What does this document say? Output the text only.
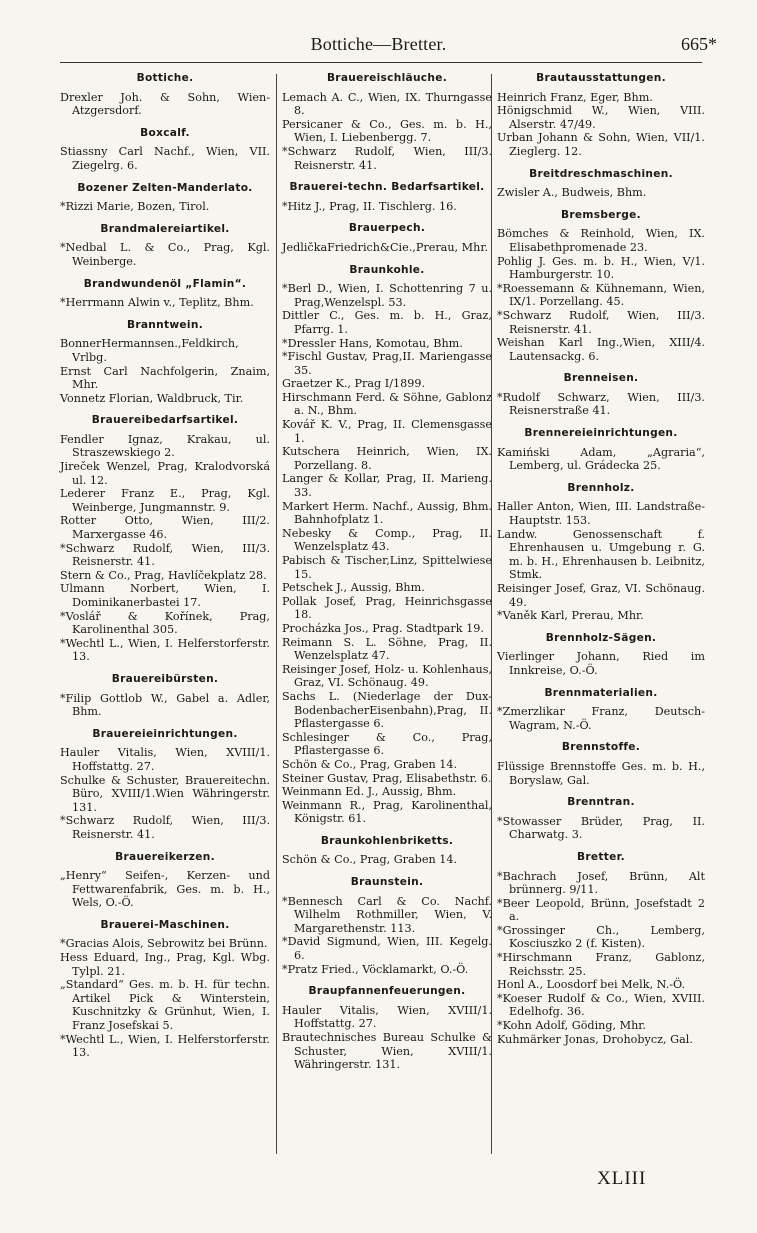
Bottiche—Bretter.	665*
Bottiche.
Drexler Joh. & Sohn, Wien-Atzgersdorf.
Boxcalf.
Stiassny Carl Nachf., Wien, VII. Ziegelrg. 6.
Bozener Zelten-Manderlato.
*Rizzi Marie, Bozen, Tirol.
Brandmalereiartikel.
*Nedbal L. & Co., Prag, Kgl. Weinberge.
Brandwundenöl „Flamin“.
*Herrmann Alwin v., Teplitz, Bhm.
Branntwein.
BonnerHermannsen.,Feldkirch, Vrlbg.
Ernst Carl Nachfolgerin, Znaim, Mhr.
Vonnetz Florian, Waldbruck, Tir.
Brauereibedarfsartikel.
Fendler Ignaz, Krakau, ul. Straszewskiego 2.
Jireček Wenzel, Prag, Kralodvorská ul. 12.
Lederer Franz E., Prag, Kgl. Weinberge, Jungmannstr. 9.
Rotter Otto, Wien, III/2. Marxergasse 46.
*Schwarz Rudolf, Wien, III/3. Reisnerstr. 41.
Stern & Co., Prag, Havlíčekplatz 28.
Ulmann Norbert, Wien, I. Dominikanerbastei 17.
*Voslář & Kořínek, Prag, Karolinenthal 305.
*Wechtl L., Wien, I. Helferstorferstr. 13.
Brauereibürsten.
*Filip Gottlob W., Gabel a. Adler, Bhm.
Brauereieinrichtungen.
Hauler Vitalis, Wien, XVIII/1. Hoffstattg. 27.
Schulke & Schuster, Brauereitechn. Büro, XVIII/1.Wien Währingerstr. 131.
*Schwarz Rudolf, Wien, III/3. Reisnerstr. 41.
Brauereikerzen.
„Henry“ Seifen-, Kerzen- und Fettwarenfabrik, Ges. m. b. H., Wels, O.-Ö.
Brauerei-Maschinen.
*Gracias Alois, Sebrowitz bei Brünn.
Hess Eduard, Ing., Prag, Kgl. Wbg. Tylpl. 21.
„Standard“ Ges. m. b. H. für techn. Artikel Pick & Winterstein, Kuschnitzky & Grünhut, Wien, I. Franz Josefskai 5.
*Wechtl L., Wien, I. Helferstorferstr. 13.
Brauereischläuche.
Lemach A. C., Wien, IX. Thurngasse 8.
Persicaner & Co., Ges. m. b. H., Wien, I. Liebenbergg. 7.
*Schwarz Rudolf, Wien, III/3. Reisnerstr. 41.
Brauerei-techn. Bedarfsartikel.
*Hitz J., Prag, II. Tischlerg. 16.
Brauerpech.
JedličkaFriedrich&Cie.,Prerau, Mhr.
Braunkohle.
*Berl D., Wien, I. Schottenring 7 u. Prag,Wenzelspl. 53.
Dittler C., Ges. m. b. H., Graz, Pfarrg. 1.
*Dressler Hans, Komotau, Bhm.
*Fischl Gustav, Prag,II. Mariengasse 35.
Graetzer K., Prag I/1899.
Hirschmann Ferd. & Söhne, Gablonz a. N., Bhm.
Kovář K. V., Prag, II. Clemensgasse 1.
Kutschera Heinrich, Wien, IX. Porzellang. 8.
Langer & Kollar, Prag, II. Marieng. 33.
Markert Herm. Nachf., Aussig, Bhm. Bahnhofplatz 1.
Nebesky & Comp., Prag, II. Wenzelsplatz 43.
Pabisch & Tischer,Linz, Spittelwiese 15.
Petschek J., Aussig, Bhm.
Pollak Josef, Prag, Heinrichsgasse 18.
Procházka Jos., Prag. Stadtpark 19.
Reimann S. L. Söhne, Prag, II. Wenzelsplatz 47.
Reisinger Josef, Holz- u. Kohlenhaus, Graz, VI. Schönaug. 49.
Sachs L. (Niederlage der Dux-BodenbacherEisenbahn),Prag, II. Pflastergasse 6.
Schlesinger & Co., Prag, Pflastergasse 6.
Schön & Co., Prag, Graben 14.
Steiner Gustav, Prag, Elisabethstr. 6.
Weinmann Ed. J., Aussig, Bhm.
Weinmann R., Prag, Karolinenthal, Königstr. 61.
Braunkohlenbriketts.
Schön & Co., Prag, Graben 14.
Braunstein.
*Bennesch Carl & Co. Nachf. Wilhelm Rothmiller, Wien, V. Margarethenstr. 113.
*David Sigmund, Wien, III. Kegelg. 6.
*Pratz Fried., Vöcklamarkt, O.-Ö.
Braupfannenfeuerungen.
Hauler Vitalis, Wien, XVIII/1. Hoffstattg. 27.
Brautechnisches Bureau Schulke & Schuster, Wien, XVIII/1. Währingerstr. 131.
Brautausstattungen.
Heinrich Franz, Eger, Bhm.
Hönigschmid W., Wien, VIII. Alserstr. 47/49.
Urban Johann & Sohn, Wien, VII/1. Zieglerg. 12.
Breitdreschmaschinen.
Zwisler A., Budweis, Bhm.
Bremsberge.
Bömches & Reinhold, Wien, IX. Elisabethpromenade 23.
Pohlig J. Ges. m. b. H., Wien, V/1. Hamburgerstr. 10.
*Roessemann & Kühnemann, Wien, IX/1. Porzellang. 45.
*Schwarz Rudolf, Wien, III/3. Reisnerstr. 41.
Weishan Karl Ing.,Wien, XIII/4. Lautensackg. 6.
Brenneisen.
*Rudolf Schwarz, Wien, III/3. Reisnerstraße 41.
Brennereieinrichtungen.
Kamiński Adam, „Agraria“, Lemberg, ul. Grádecka 25.
Brennholz.
Haller Anton, Wien, III. Landstraße-Hauptstr. 153.
Landw. Genossenschaft f. Ehrenhausen u. Umgebung r. G. m. b. H., Ehrenhausen b. Leibnitz, Stmk.
Reisinger Josef, Graz, VI. Schönaug. 49.
*Vaněk Karl, Prerau, Mhr.
Brennholz-Sägen.
Vierlinger Johann, Ried im Innkreise, O.-Ö.
Brennmaterialien.
*Zmerzlikar Franz, Deutsch-Wagram, N.-Ö.
Brennstoffe.
Flüssige Brennstoffe Ges. m. b. H., Boryslaw, Gal.
Brenntran.
*Stowasser Brüder, Prag, II. Charwatg. 3.
Bretter.
*Bachrach Josef, Brünn, Alt brünnerg. 9/11.
*Beer Leopold, Brünn, Josefstadt 2 a.
*Grossinger Ch., Lemberg, Kosciuszko 2 (f. Kisten).
*Hirschmann Franz, Gablonz, Reichsstr. 25.
Honl A., Loosdorf bei Melk, N.-Ö.
*Koeser Rudolf & Co., Wien, XVIII. Edelhofg. 36.
*Kohn Adolf, Göding, Mhr.
Kuhmärker Jonas, Drohobycz, Gal.
XLIII
